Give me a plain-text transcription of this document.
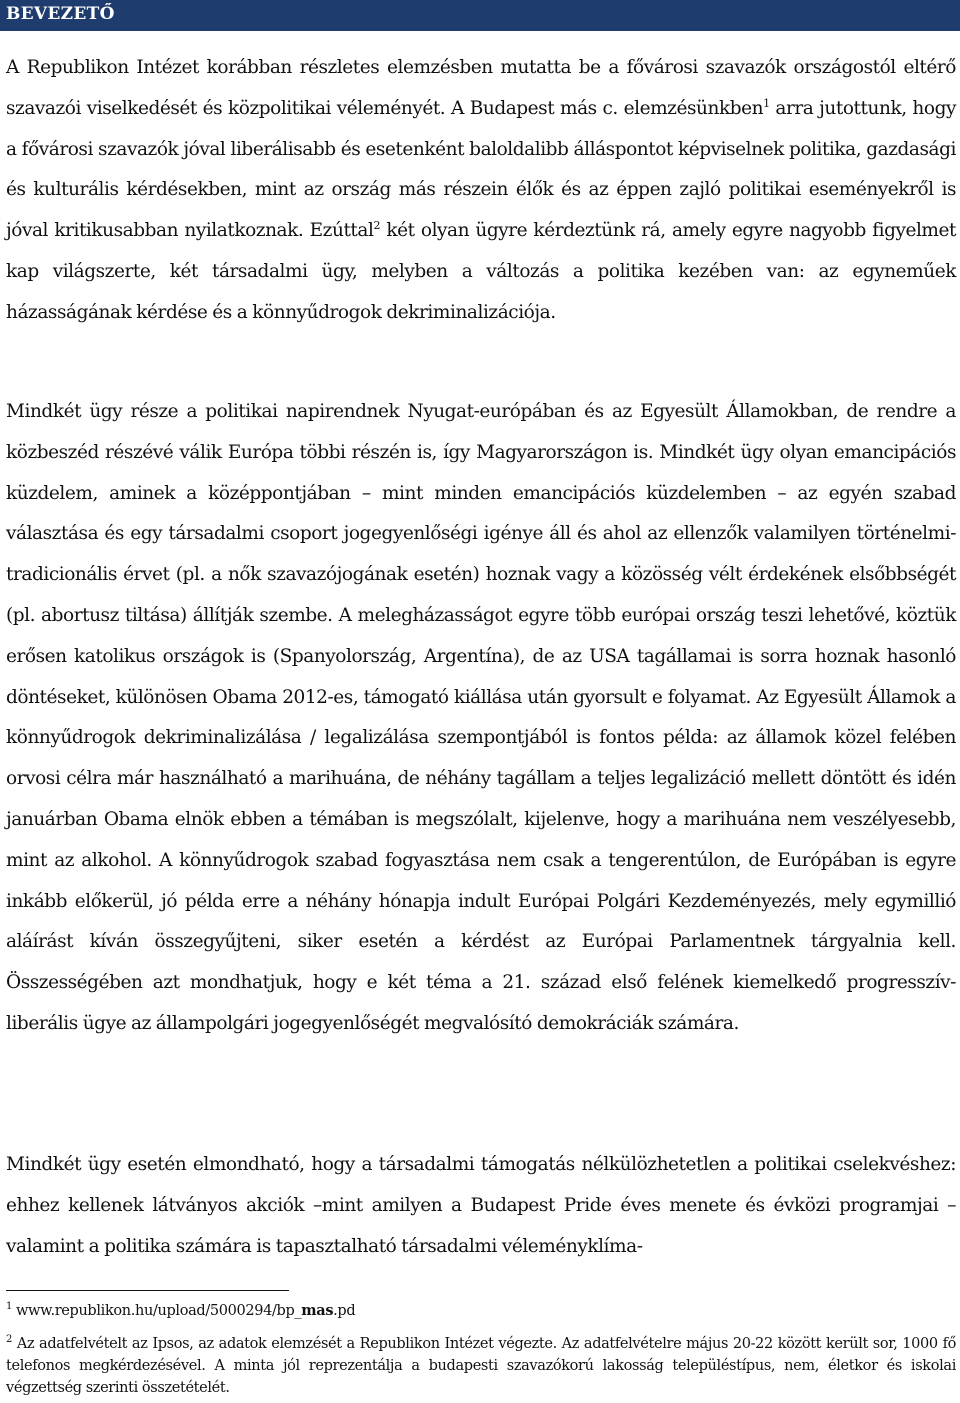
BEVEZETŐ

A Republikon Intézet korábban részletes elemzésben mutatta be a fővárosi szavazók országostól eltérő szavazói viselkedését és közpolitikai véleményét. A Budapest más c. elemzésünkben$^1$ arra jutottunk, hogy a fővárosi szavazók jóval liberálisabb és esetenként baloldalibb álláspontot képviselnek politika, gazdasági és kulturális kérdésekben, mint az ország más részein élők és az éppen zajló politikai eseményekről is jóval kritikusabban nyilatkoznak. Ezúttal$^2$ két olyan ügyre kérdeztünk rá, amely egyre nagyobb figyelmet kap világszerte, két társadalmi ügy, melyben a változás a politika kezében van: az egyneműek házasságának kérdése és a könnyűdrogok dekriminalizációja.

Mindkét ügy része a politikai napirendnek Nyugat-európában és az Egyesült Államokban, de rendre a közbeszéd részévé válik Európa többi részén is, így Magyarországon is. Mindkét ügy olyan emancipációs küzdelem, aminek a középpontjában – mint minden emancipációs küzdelemben – az egyén szabad választása és egy társadalmi csoport jogegyenlőségi igénye áll és ahol az ellenzők valamilyen történelmi-tradicionális érvet (pl. a nők szavazójogának esetén) hoznak vagy a közösség vélt érdekének elsőbbségét (pl. abortusz tiltása) állítják szembe. A melegházasságot egyre több európai ország teszi lehetővé, köztük erősen katolikus országok is (Spanyolország, Argentína), de az USA tagállamai is sorra hoznak hasonló döntéseket, különösen Obama 2012-es, támogató kiállása után gyorsult e folyamat. Az Egyesült Államok a könnyűdrogok dekriminalizálása / legalizálása szempontjából is fontos példa: az államok közel felében orvosi célra már használható a marihuána, de néhány tagállam a teljes legalizáció mellett döntött és idén januárban Obama elnök ebben a témában is megszólalt, kijelenve, hogy a marihuána nem veszélyesebb, mint az alkohol. A könnyűdrogok szabad fogyasztása nem csak a tengerentúlon, de Európában is egyre inkább előkerül, jó példa erre a néhány hónapja indult Európai Polgári Kezdeményezés, mely egymillió aláírást kíván összegyűjteni, siker esetén a kérdést az Európai Parlamentnek tárgyalnia kell. Összességében azt mondhatjuk, hogy e két téma a 21. század első felének kiemelkedő progresszív-liberális ügye az állampolgári jogegyenlőségét megvalósító demokráciák számára.

Mindkét ügy esetén elmondható, hogy a társadalmi támogatás nélkülözhetetlen a politikai cselekvéshez: ehhez kellenek látványos akciók –mint amilyen a Budapest Pride éves menete és évközi programjai – valamint a politika számára is tapasztalható társadalmi véleményklíma-

$^1$ www.republikon.hu/upload/5000294/bp_mas.pd

$^2$ Az adatfelvételt az Ipsos, az adatok elemzését a Republikon Intézet végezte. Az adatfelvételre május 20-22 között került sor, 1000 fő telefonos megkérdezésével. A minta jól reprezentálja a budapesti szavazókorú lakosság településtípus, nem, életkor és iskolai végzettség szerinti összetételét.
